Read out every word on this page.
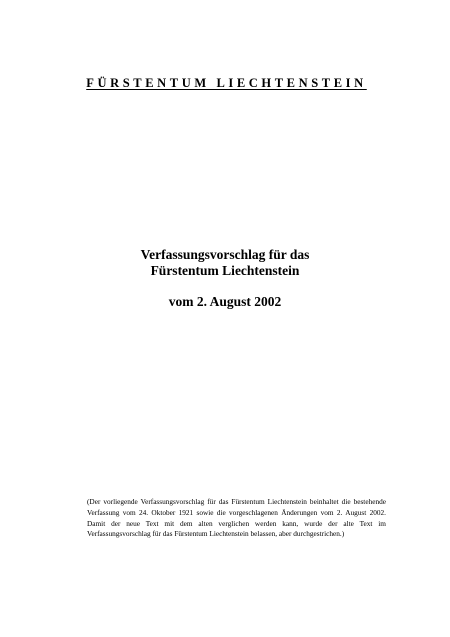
FÜRSTENTUM LIECHTENSTEIN
Verfassungsvorschlag für das
Fürstentum Liechtenstein
vom 2. August 2002
(Der vorliegende Verfassungsvorschlag für das Fürstentum Liechtenstein beinhaltet die bestehende Verfassung vom 24. Oktober 1921 sowie die vorgeschlagenen Änderungen vom 2. August 2002. Damit der neue Text mit dem alten verglichen werden kann, wurde der alte Text im Verfassungsvorschlag für das Fürstentum Liechtenstein belassen, aber durchgestrichen.)
